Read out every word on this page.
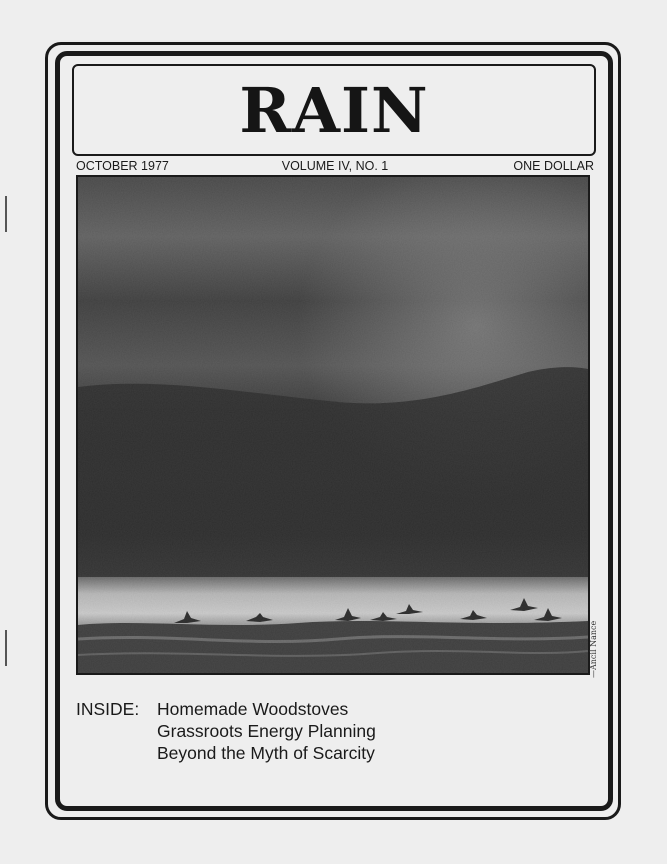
RAIN
OCTOBER 1977	VOLUME IV, NO. 1	ONE DOLLAR
—Ancil Nance
INSIDE: Homemade Woodstoves
Grassroots Energy Planning
Beyond the Myth of Scarcity
